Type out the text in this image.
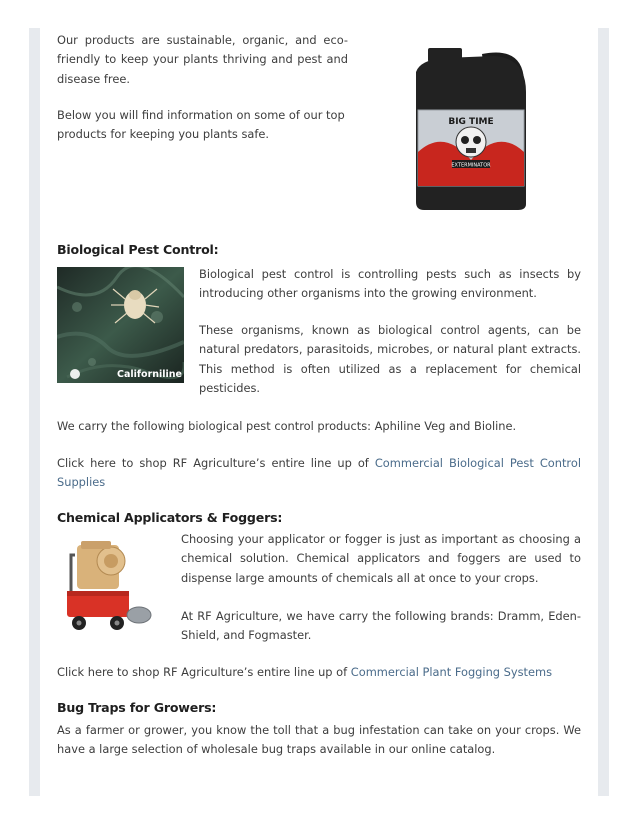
Our products are sustainable, organic, and eco-friendly to keep your plants thriving and pest and disease free.

Below you will find information on some of our top products for keeping you plants safe.

BIG TIME
EXTERMINATOR
Biological Pest Control:
Californiline

Biological pest control is controlling pests such as insects by introducing other organisms into the growing environment.

These organisms, known as biological control agents, can be natural predators, parasitoids, microbes, or natural plant extracts. This method is often utilized as a replacement for chemical pesticides.

We carry the following biological pest control products: Aphiline Veg and Bioline.

Click here to shop RF Agriculture’s entire line up of Commercial Biological Pest Control Supplies

Chemical Applicators & Foggers:

Choosing your applicator or fogger is just as important as choosing a chemical solution. Chemical applicators and foggers are used to dispense large amounts of chemicals all at once to your crops.

At RF Agriculture, we have carry the following brands: Dramm, Eden-Shield, and Fogmaster.

Click here to shop RF Agriculture’s entire line up of Commercial Plant Fogging Systems

Bug Traps for Growers:

As a farmer or grower, you know the toll that a bug infestation can take on your crops. We have a large selection of wholesale bug traps available in our online catalog.
